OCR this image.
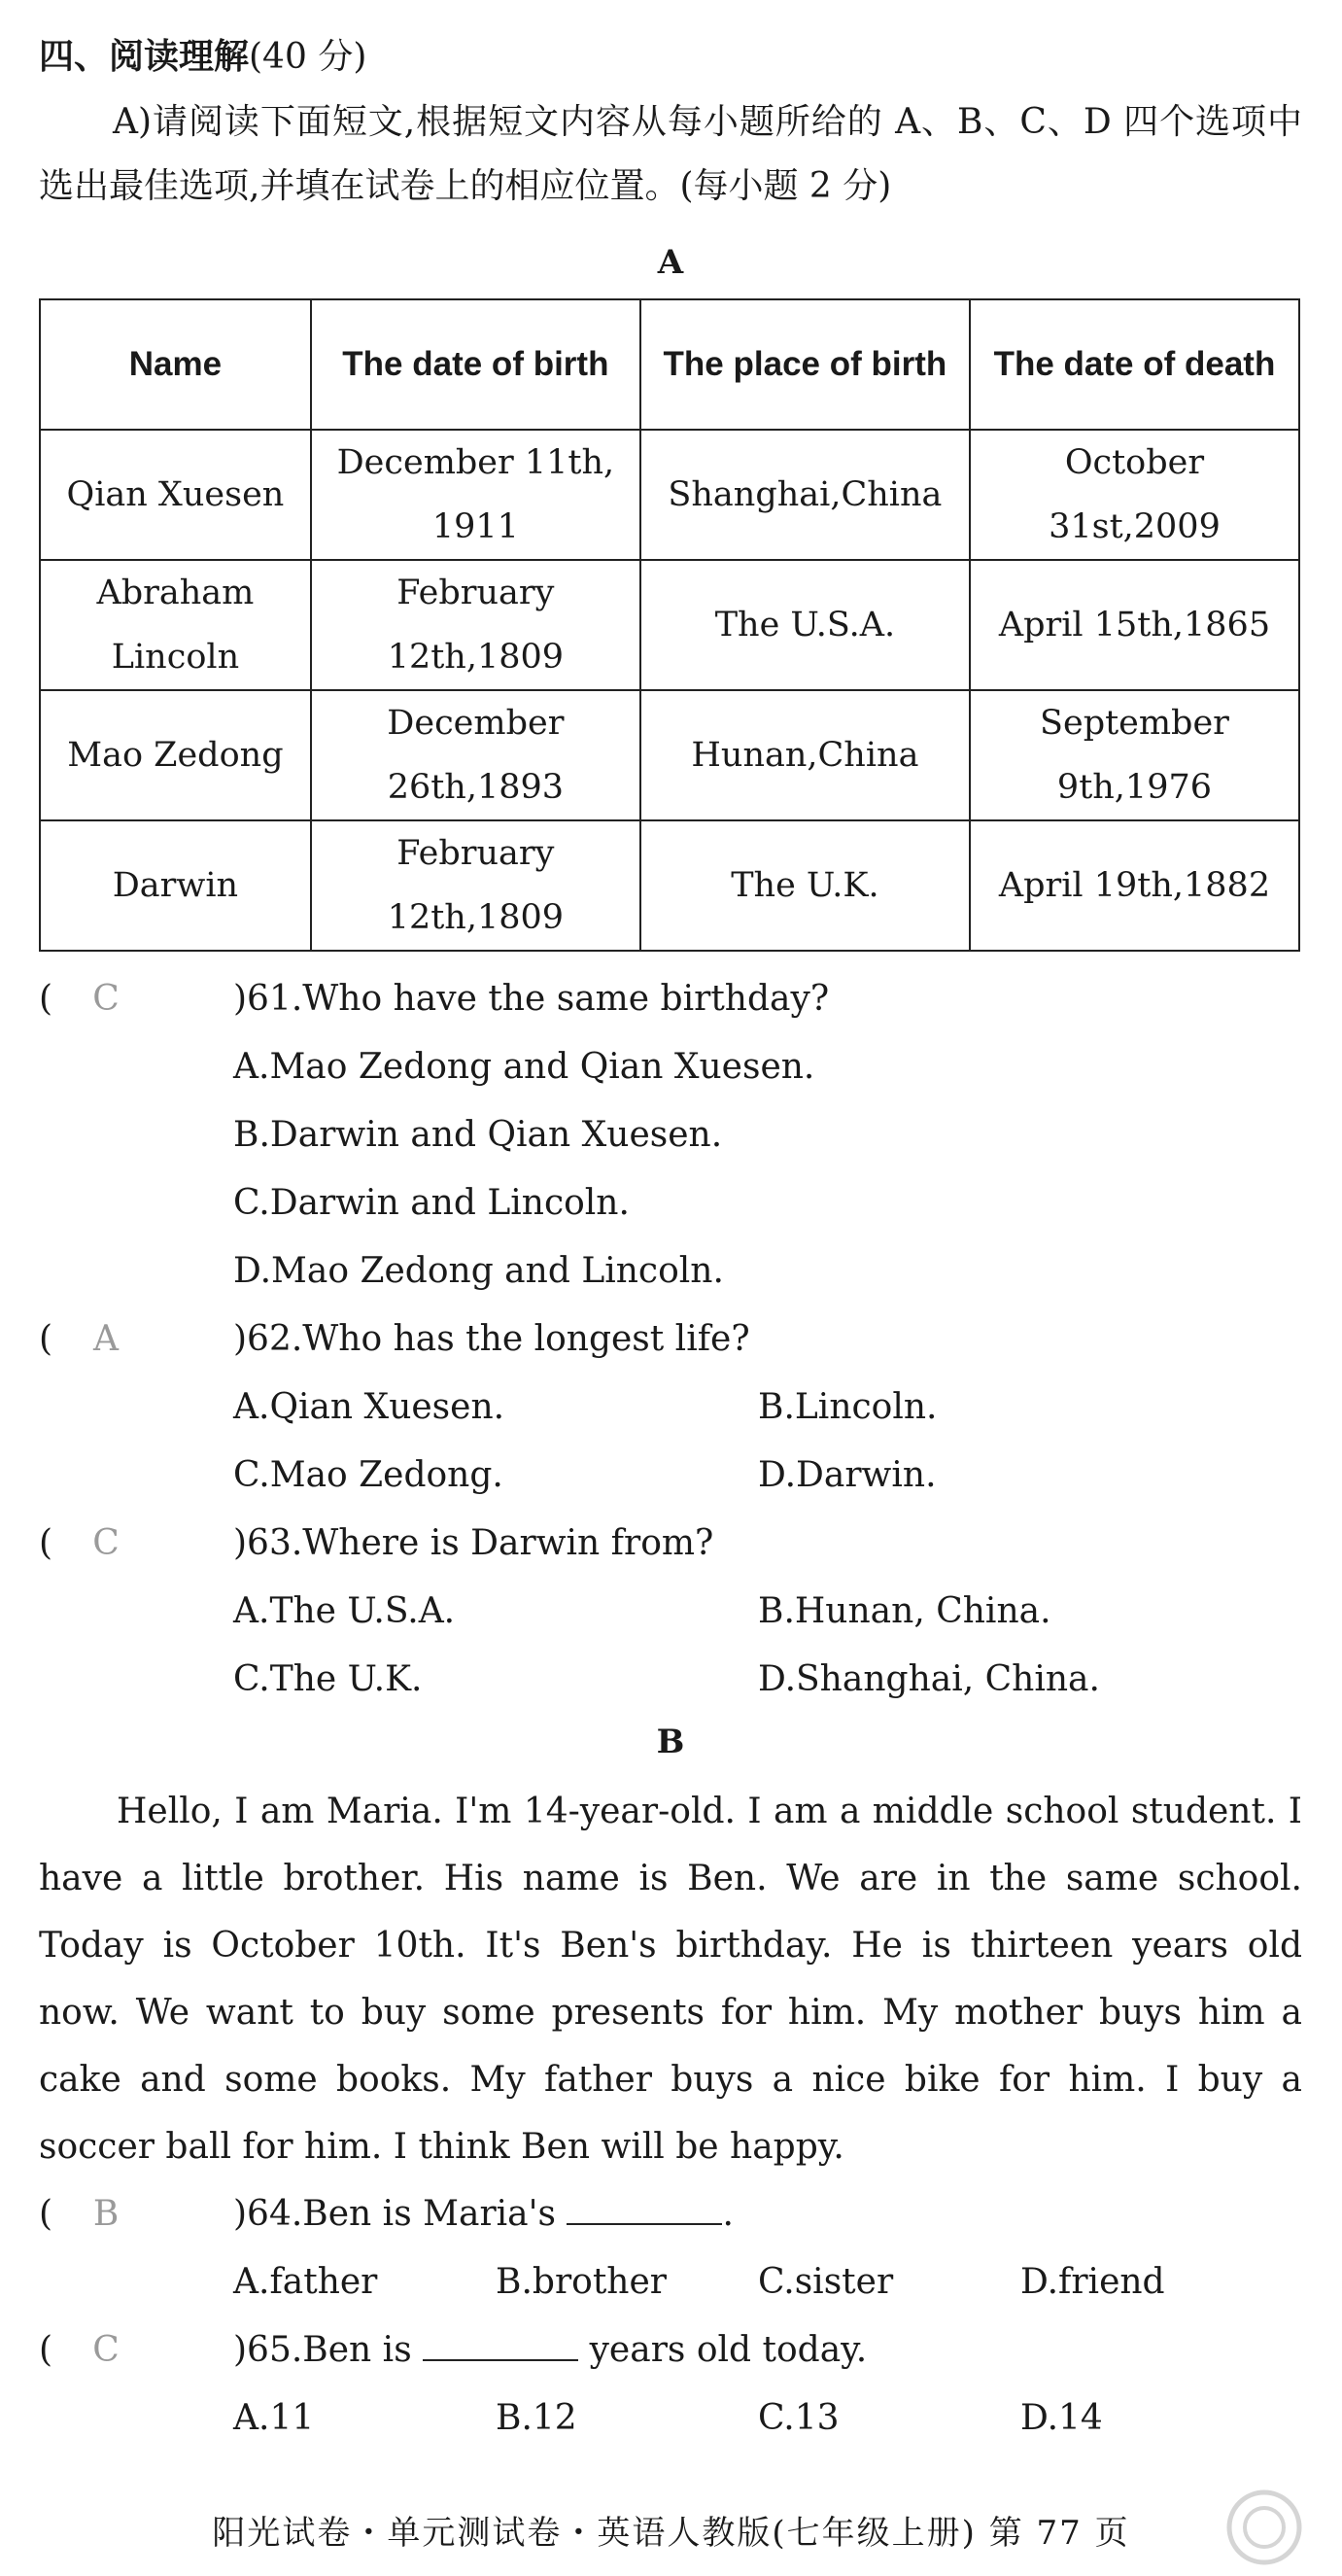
四、阅读理解(40 分)

A)请阅读下面短文,根据短文内容从每小题所给的 A、B、C、D 四个选项中选出最佳选项,并填在试卷上的相应位置。(每小题 2 分)

A
Name	The date of birth	The place of birth	The date of death
Qian Xuesen	December 11th, 1911	Shanghai,China	October 31st,2009
Abraham Lincoln	February 12th,1809	The U.S.A.	April 15th,1865
Mao Zedong	December 26th,1893	Hunan,China	September 9th,1976
Darwin	February 12th,1809	The U.K.	April 19th,1882
( C	)61.Who have the same birthday?
A.Mao Zedong and Qian Xuesen.
B.Darwin and Qian Xuesen.
C.Darwin and Lincoln.
D.Mao Zedong and Lincoln.
( A	)62.Who has the longest life?
A.Qian Xuesen.	B.Lincoln.
C.Mao Zedong.	D.Darwin.
( C	)63.Where is Darwin from?
A.The U.S.A.	B.Hunan, China.
C.The U.K.	D.Shanghai, China.
B

Hello, I am Maria. I'm 14-year-old. I am a middle school student. I have a little brother. His name is Ben. We are in the same school. Today is October 10th. It's Ben's birthday. He is thirteen years old now. We want to buy some presents for him. My mother buys him a cake and some books. My father buys a nice bike for him. I buy a soccer ball for him. I think Ben will be happy.

( B	)64.Ben is Maria's	.
A.father	B.brother	C.sister	D.friend
( C	)65.Ben is	years old today.
A.11	B.12	C.13	D.14
阳光试卷・单元测试卷・英语人教版(七年级上册) 第 77 页
